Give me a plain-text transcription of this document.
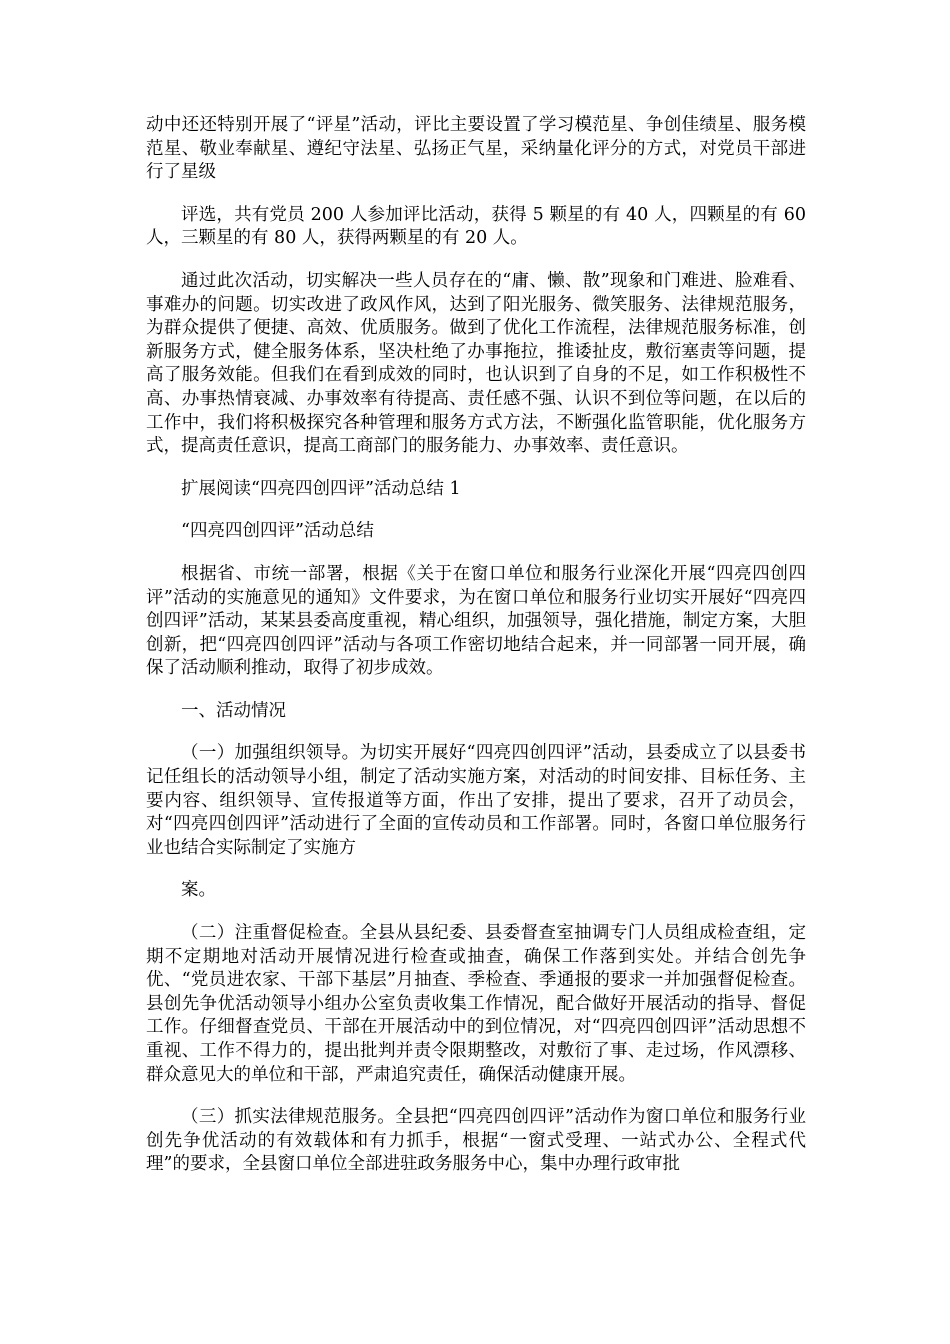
动中还还特别开展了“评星”活动，评比主要设置了学习模范星、争创佳绩星、服务模范星、敬业奉献星、遵纪守法星、弘扬正气星，采纳量化评分的方式，对党员干部进行了星级

评选，共有党员 200 人参加评比活动，获得 5 颗星的有 40 人，四颗星的有 60 人，三颗星的有 80 人，获得两颗星的有 20 人。

通过此次活动，切实解决一些人员存在的“庸、懒、散”现象和门难进、脸难看、事难办的问题。切实改进了政风作风，达到了阳光服务、微笑服务、法律规范服务，为群众提供了便捷、高效、优质服务。做到了优化工作流程，法律规范服务标准，创新服务方式，健全服务体系，坚决杜绝了办事拖拉，推诿扯皮，敷衍塞责等问题，提高了服务效能。但我们在看到成效的同时，也认识到了自身的不足，如工作积极性不高、办事热情衰减、办事效率有待提高、责任感不强、认识不到位等问题，在以后的工作中，我们将积极探究各种管理和服务方式方法，不断强化监管职能，优化服务方式，提高责任意识，提高工商部门的服务能力、办事效率、责任意识。

扩展阅读“四亮四创四评”活动总结 1

“四亮四创四评”活动总结

根据省、市统一部署，根据《关于在窗口单位和服务行业深化开展“四亮四创四评”活动的实施意见的通知》文件要求，为在窗口单位和服务行业切实开展好“四亮四创四评”活动，某某县委高度重视，精心组织，加强领导，强化措施，制定方案，大胆创新，把“四亮四创四评”活动与各项工作密切地结合起来，并一同部署一同开展，确保了活动顺利推动，取得了初步成效。

一、活动情况

（一）加强组织领导。为切实开展好“四亮四创四评”活动，县委成立了以县委书记任组长的活动领导小组，制定了活动实施方案，对活动的时间安排、目标任务、主要内容、组织领导、宣传报道等方面，作出了安排，提出了要求，召开了动员会，对“四亮四创四评”活动进行了全面的宣传动员和工作部署。同时，各窗口单位服务行业也结合实际制定了实施方

案。

（二）注重督促检查。全县从县纪委、县委督查室抽调专门人员组成检查组，定期不定期地对活动开展情况进行检查或抽查，确保工作落到实处。并结合创先争优、“党员进农家、干部下基层”月抽查、季检查、季通报的要求一并加强督促检查。县创先争优活动领导小组办公室负责收集工作情况，配合做好开展活动的指导、督促工作。仔细督查党员、干部在开展活动中的到位情况，对“四亮四创四评”活动思想不重视、工作不得力的，提出批判并责令限期整改，对敷衍了事、走过场，作风漂移、群众意见大的单位和干部，严肃追究责任，确保活动健康开展。

（三）抓实法律规范服务。全县把“四亮四创四评”活动作为窗口单位和服务行业创先争优活动的有效载体和有力抓手，根据“一窗式受理、一站式办公、全程式代理”的要求，全县窗口单位全部进驻政务服务中心，集中办理行政审批
